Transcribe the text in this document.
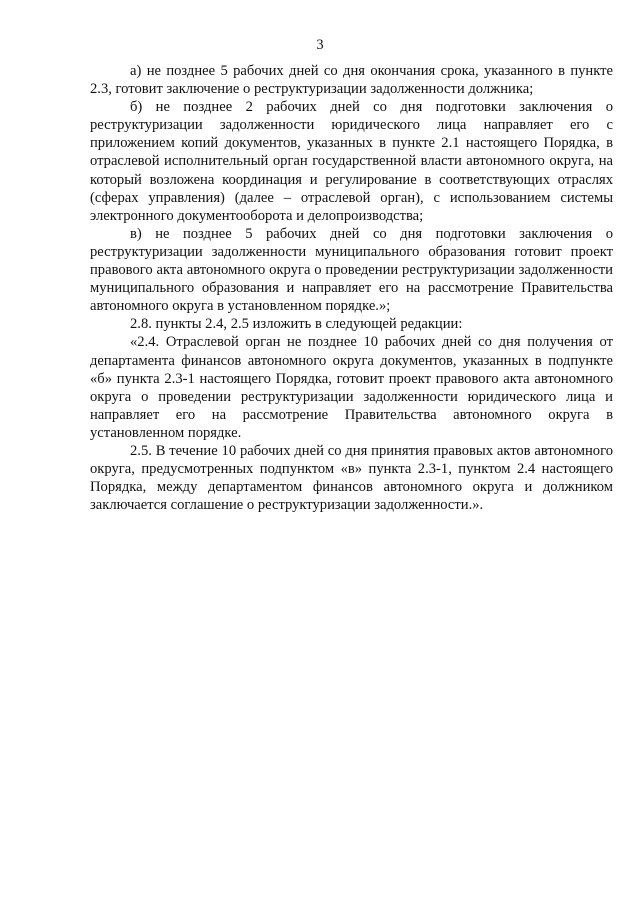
3

а) не позднее 5 рабочих дней со дня окончания срока, указанного в пункте 2.3, готовит заключение о реструктуризации задолженности должника;

б) не позднее 2 рабочих дней со дня подготовки заключения о реструктуризации задолженности юридического лица направляет его с приложением копий документов, указанных в пункте 2.1 настоящего Порядка, в отраслевой исполнительный орган государственной власти автономного округа, на который возложена координация и регулирование в соответствующих отраслях (сферах управления) (далее – отраслевой орган), с использованием системы электронного документооборота и делопроизводства;

в) не позднее 5 рабочих дней со дня подготовки заключения о реструктуризации задолженности муниципального образования готовит проект правового акта автономного округа о проведении реструктуризации задолженности муниципального образования и направляет его на рассмотрение Правительства автономного округа в установленном порядке.»;

2.8. пункты 2.4, 2.5 изложить в следующей редакции:

«2.4. Отраслевой орган не позднее 10 рабочих дней со дня получения от департамента финансов автономного округа документов, указанных в подпункте «б» пункта 2.3-1 настоящего Порядка, готовит проект правового акта автономного округа о проведении реструктуризации задолженности юридического лица и направляет его на рассмотрение Правительства автономного округа в установленном порядке.

2.5. В течение 10 рабочих дней со дня принятия правовых актов автономного округа, предусмотренных подпунктом «в» пункта 2.3-1, пунктом 2.4 настоящего Порядка, между департаментом финансов автономного округа и должником заключается соглашение о реструктуризации задолженности.».
